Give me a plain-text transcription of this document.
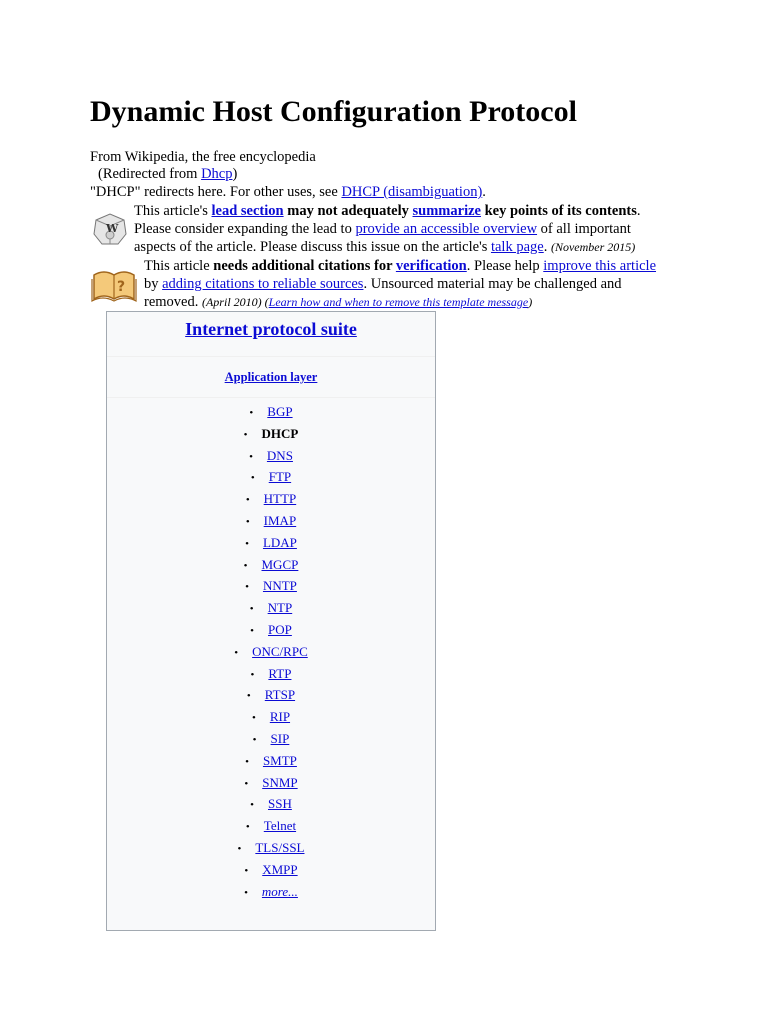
Dynamic Host Configuration Protocol
From Wikipedia, the free encyclopedia
(Redirected from Dhcp)
"DHCP" redirects here. For other uses, see DHCP (disambiguation).
W
This article's lead section may not adequately summarize key points of its contents.
Please consider expanding the lead to provide an accessible overview of all important
aspects of the article. Please discuss this issue on the article's talk page. (November 2015)
?
This article needs additional citations for verification. Please help improve this article
by adding citations to reliable sources. Unsourced material may be challenged and
removed. (April 2010) (Learn how and when to remove this template message)
Internet protocol suite
Application layer
• BGP
• DHCP
• DNS
• FTP
• HTTP
• IMAP
• LDAP
• MGCP
• NNTP
• NTP
• POP
• ONC/RPC
• RTP
• RTSP
• RIP
• SIP
• SMTP
• SNMP
• SSH
• Telnet
• TLS/SSL
• XMPP
• more...
